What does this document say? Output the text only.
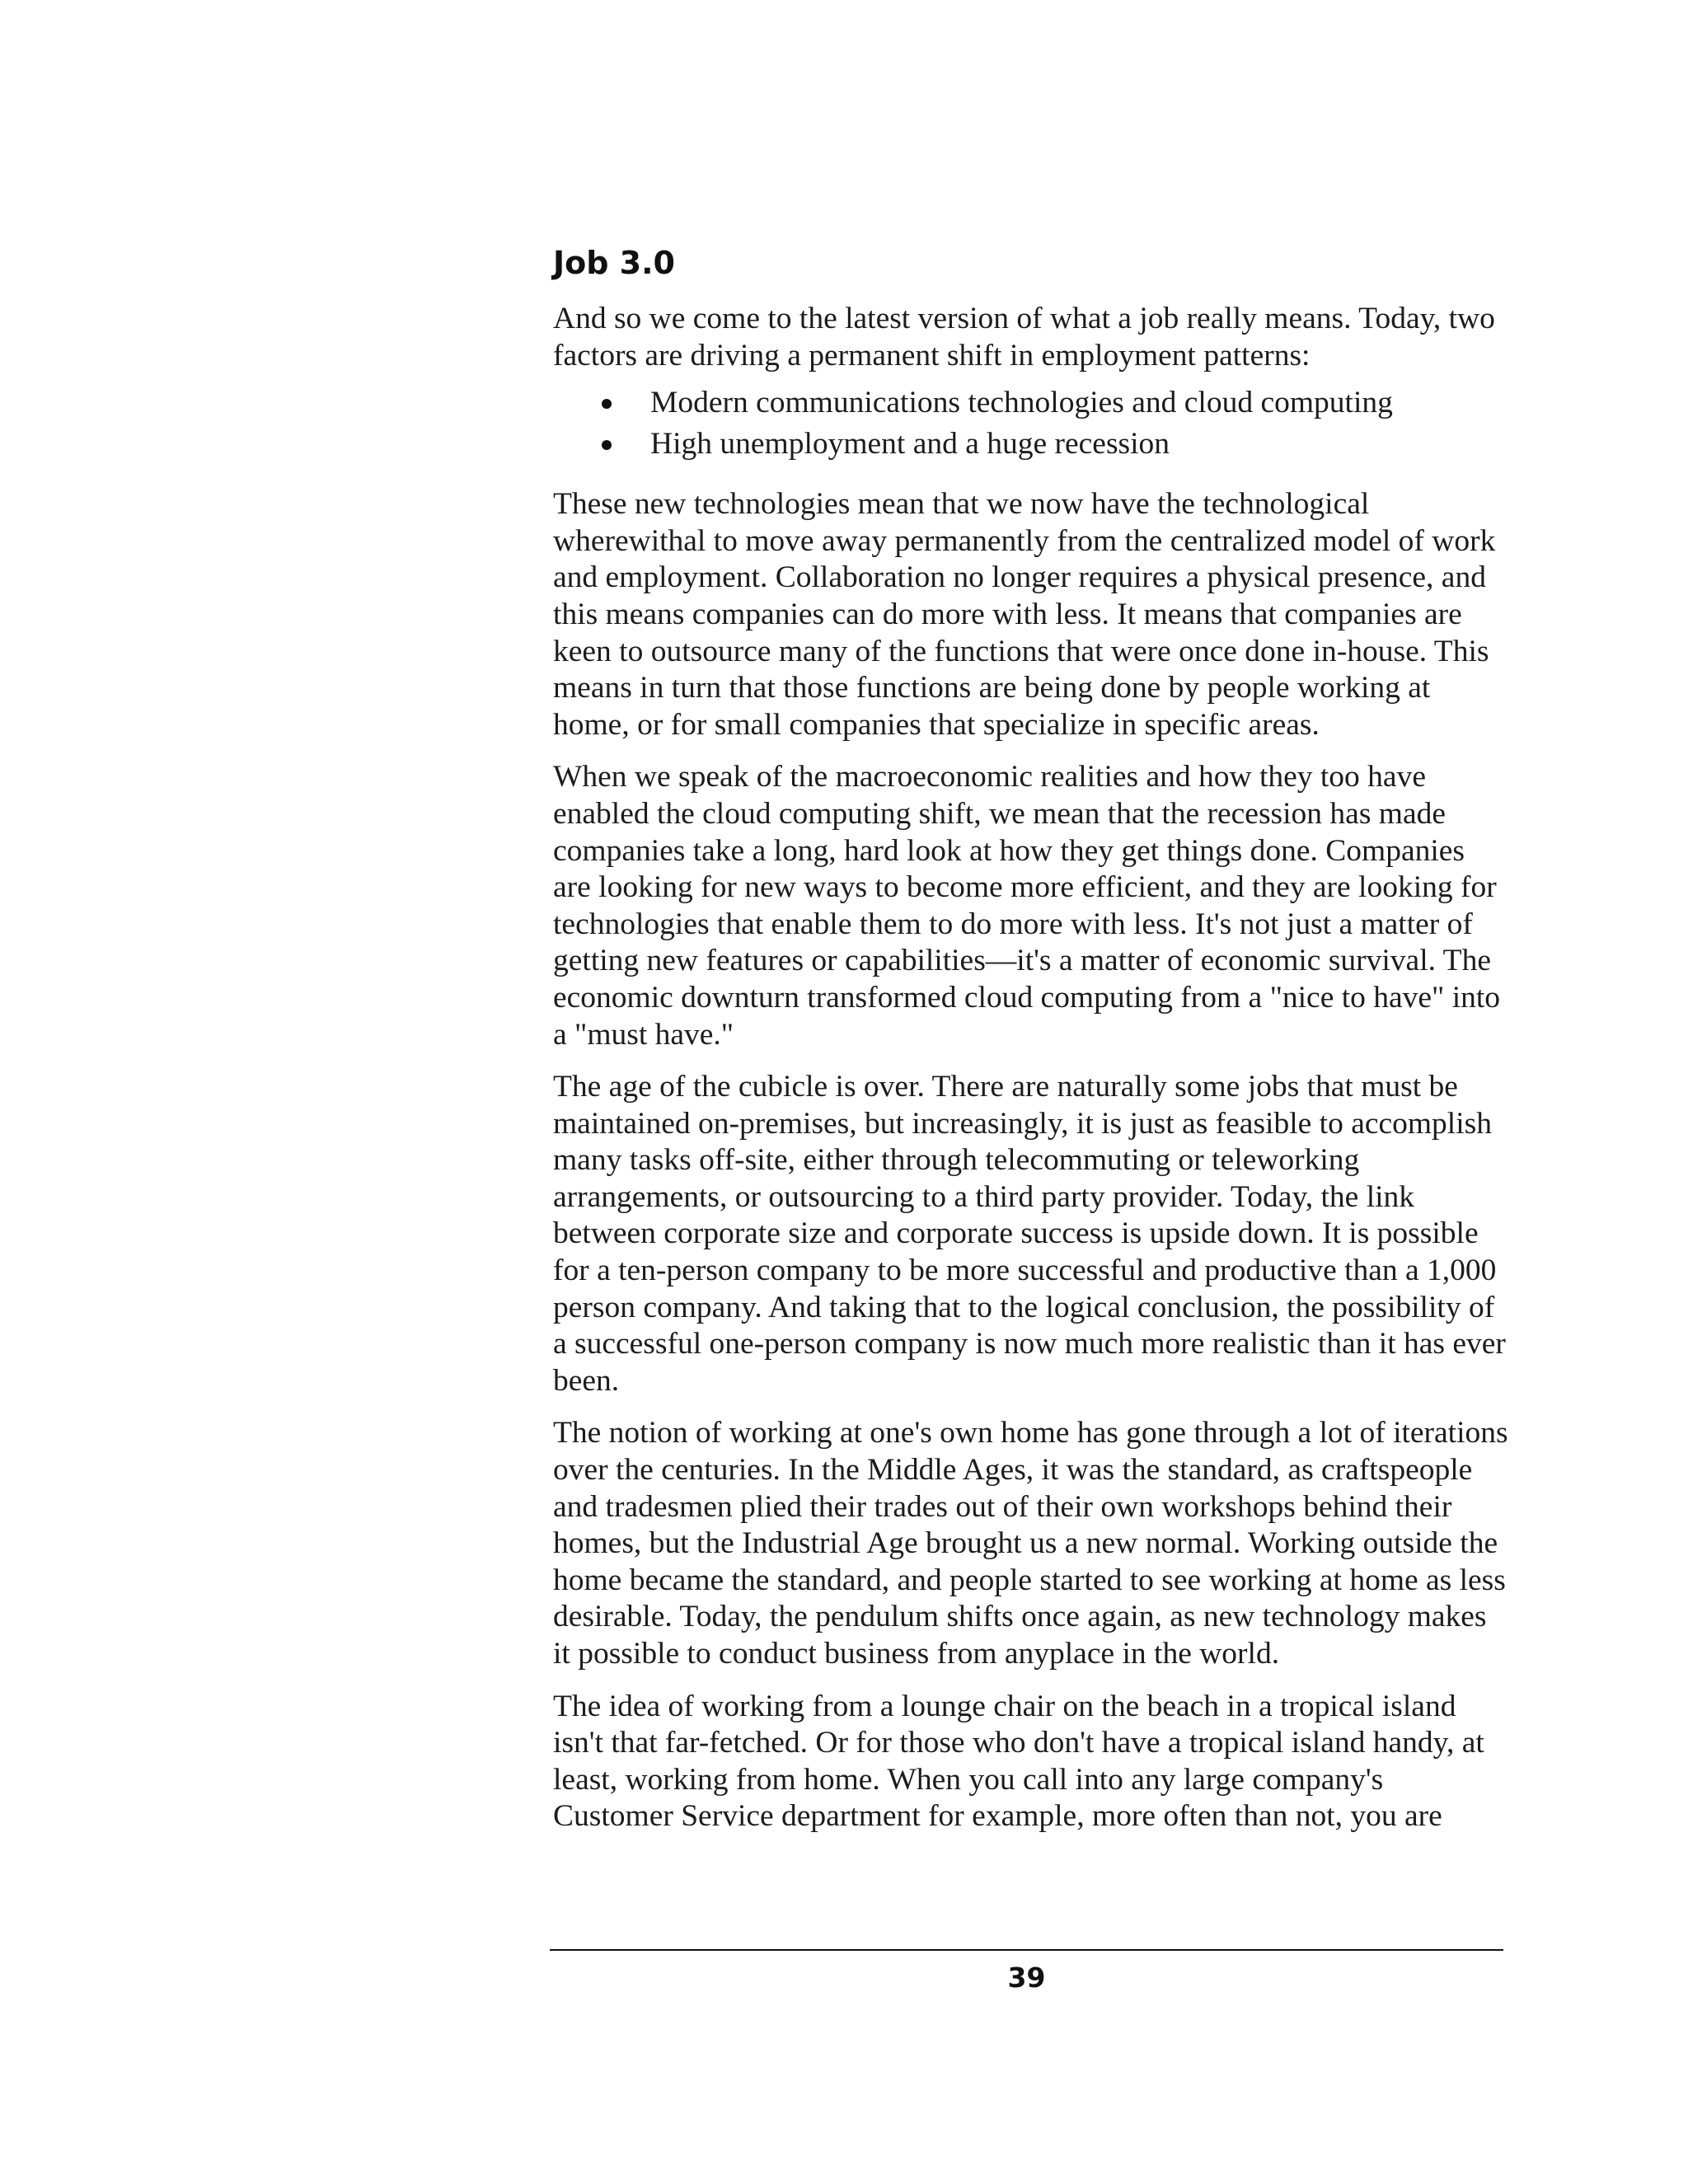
Job 3.0

And so we come to the latest version of what a job really means. Today, two factors are driving a permanent shift in employment patterns:

Modern communications technologies and cloud computing
High unemployment and a huge recession

These new technologies mean that we now have the technological wherewithal to move away permanently from the centralized model of work and employment. Collaboration no longer requires a physical presence, and this means companies can do more with less. It means that companies are keen to outsource many of the functions that were once done in-house. This means in turn that those functions are being done by people working at home, or for small companies that specialize in specific areas.

When we speak of the macroeconomic realities and how they too have enabled the cloud computing shift, we mean that the recession has made companies take a long, hard look at how they get things done. Companies are looking for new ways to become more efficient, and they are looking for technologies that enable them to do more with less. It's not just a matter of getting new features or capabilities—it's a matter of economic survival. The economic downturn transformed cloud computing from a "nice to have" into a "must have."

The age of the cubicle is over. There are naturally some jobs that must be maintained on-premises, but increasingly, it is just as feasible to accomplish many tasks off-site, either through telecommuting or teleworking arrangements, or outsourcing to a third party provider. Today, the link between corporate size and corporate success is upside down. It is possible for a ten-person company to be more successful and productive than a 1,000 person company. And taking that to the logical conclusion, the possibility of a successful one-person company is now much more realistic than it has ever been.

The notion of working at one's own home has gone through a lot of iterations over the centuries. In the Middle Ages, it was the standard, as craftspeople and tradesmen plied their trades out of their own workshops behind their homes, but the Industrial Age brought us a new normal. Working outside the home became the standard, and people started to see working at home as less desirable. Today, the pendulum shifts once again, as new technology makes it possible to conduct business from anyplace in the world.

The idea of working from a lounge chair on the beach in a tropical island isn't that far-fetched. Or for those who don't have a tropical island handy, at least, working from home. When you call into any large company's Customer Service department for example, more often than not, you are

39
